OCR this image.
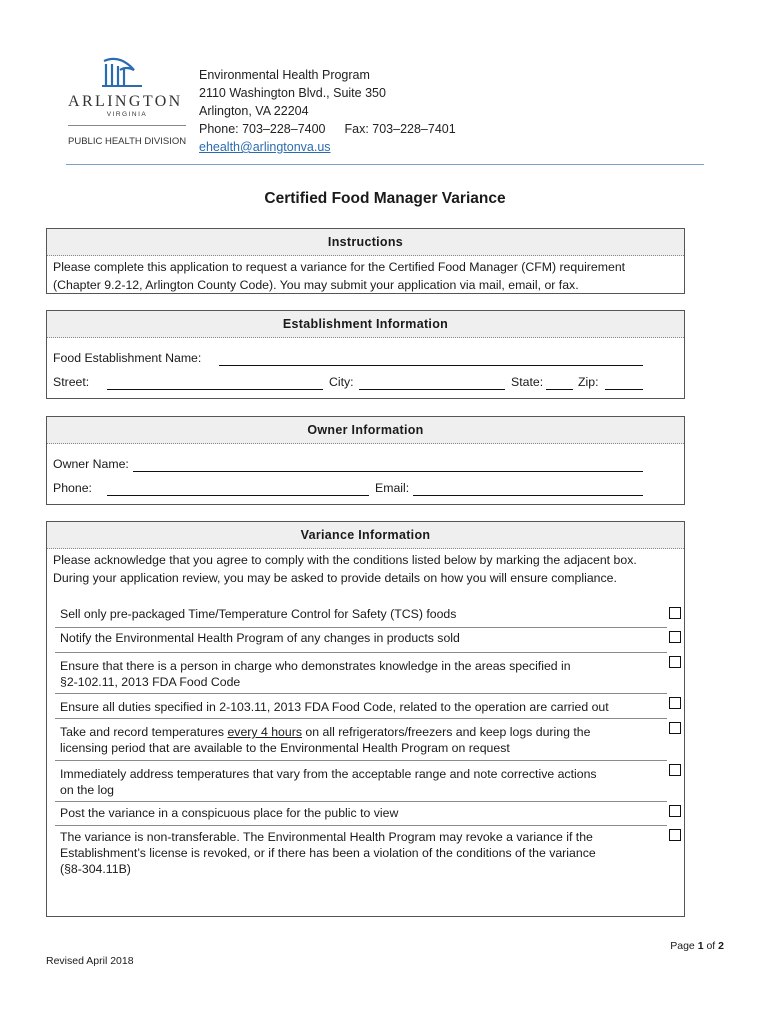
ARLINGTON
VIRGINIA
PUBLIC HEALTH DIVISION
Environmental Health Program
2110 Washington Blvd., Suite 350
Arlington, VA 22204
Phone: 703–228–7400 Fax: 703–228–7401
ehealth@arlingtonva.us
Certified Food Manager Variance
Instructions
Please complete this application to request a variance for the Certified Food Manager (CFM) requirement
(Chapter 9.2-12, Arlington County Code). You may submit your application via mail, email, or fax.
Establishment Information
Food Establishment Name:
Street:	City:	State:	Zip:
Owner Information
Owner Name:
Phone:	Email:
Variance Information
Please acknowledge that you agree to comply with the conditions listed below by marking the adjacent box.
During your application review, you may be asked to provide details on how you will ensure compliance.
Sell only pre-packaged Time/Temperature Control for Safety (TCS) foods
Notify the Environmental Health Program of any changes in products sold
Ensure that there is a person in charge who demonstrates knowledge in the areas specified in
§2-102.11, 2013 FDA Food Code
Ensure all duties specified in 2-103.11, 2013 FDA Food Code, related to the operation are carried out
Take and record temperatures every 4 hours on all refrigerators/freezers and keep logs during the
licensing period that are available to the Environmental Health Program on request
Immediately address temperatures that vary from the acceptable range and note corrective actions
on the log
Post the variance in a conspicuous place for the public to view
The variance is non-transferable. The Environmental Health Program may revoke a variance if the
Establishment’s license is revoked, or if there has been a violation of the conditions of the variance
(§8-304.11B)
Page 1 of 2
Revised April 2018
